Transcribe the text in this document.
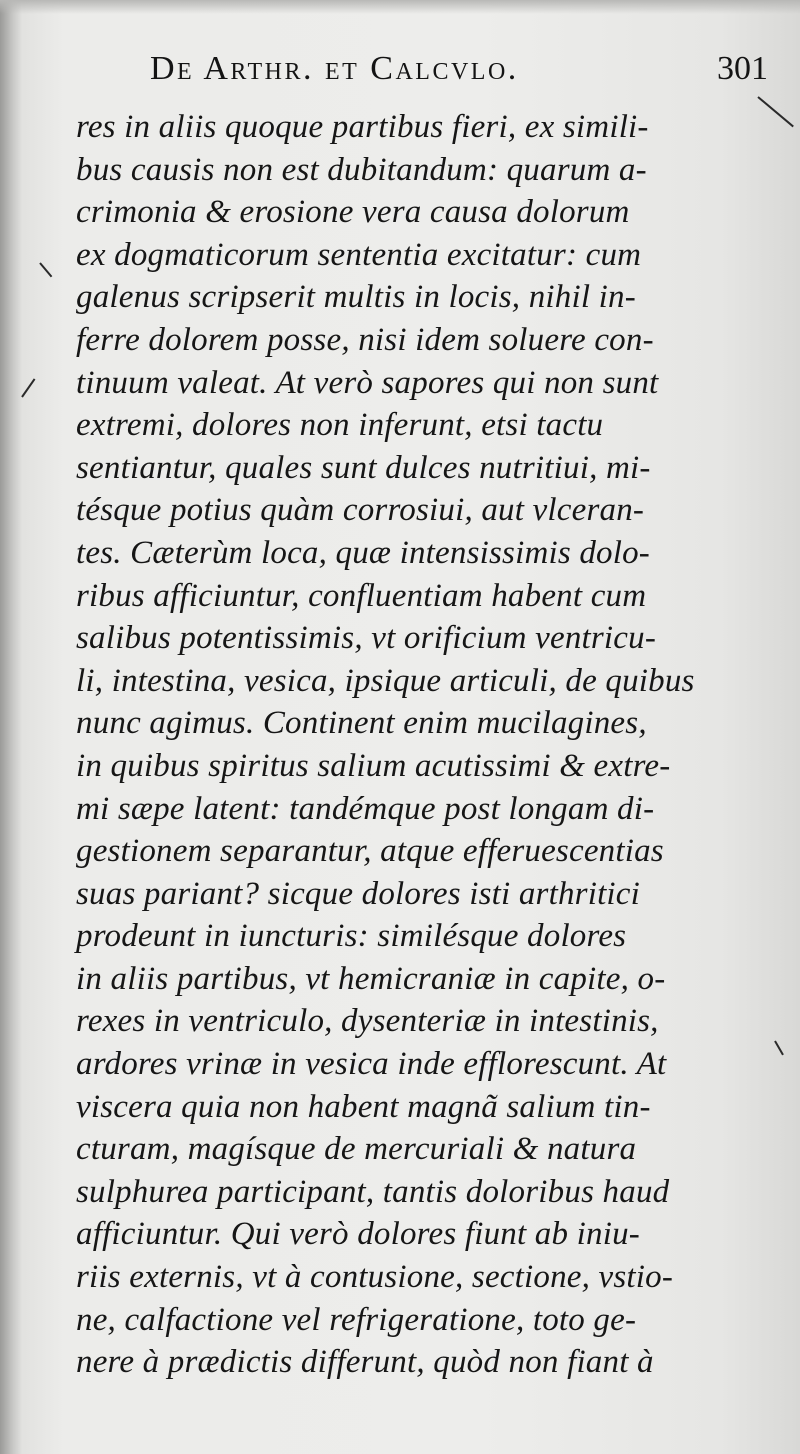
De Arthr. et Calcvlo.	301
res in aliis quoque partibus fieri, ex simili-
bus causis non est dubitandum: quarum a-
crimonia & erosione vera causa dolorum
ex dogmaticorum sententia excitatur: cum
galenus scripserit multis in locis, nihil in-
ferre dolorem posse, nisi idem soluere con-
tinuum valeat. At verò sapores qui non sunt
extremi, dolores non inferunt, etsi tactu
sentiantur, quales sunt dulces nutritiui, mi-
tésque potius quàm corrosiui, aut vlceran-
tes. Cæterùm loca, quæ intensissimis dolo-
ribus afficiuntur, confluentiam habent cum
salibus potentissimis, vt orificium ventricu-
li, intestina, vesica, ipsique articuli, de quibus
nunc agimus. Continent enim mucilagines,
in quibus spiritus salium acutissimi & extre-
mi sæpe latent: tandémque post longam di-
gestionem separantur, atque efferuescentias
suas pariant? sicque dolores isti arthritici
prodeunt in iuncturis: similésque dolores
in aliis partibus, vt hemicraniæ in capite, o-
rexes in ventriculo, dysenteriæ in intestinis,
ardores vrinæ in vesica inde efflorescunt. At
viscera quia non habent magnã salium tin-
cturam, magísque de mercuriali & natura
sulphurea participant, tantis doloribus haud
afficiuntur. Qui verò dolores fiunt ab iniu-
riis externis, vt à contusione, sectione, vstio-
ne, calfactione vel refrigeratione, toto ge-
nere à prædictis differunt, quòd non fiant à
